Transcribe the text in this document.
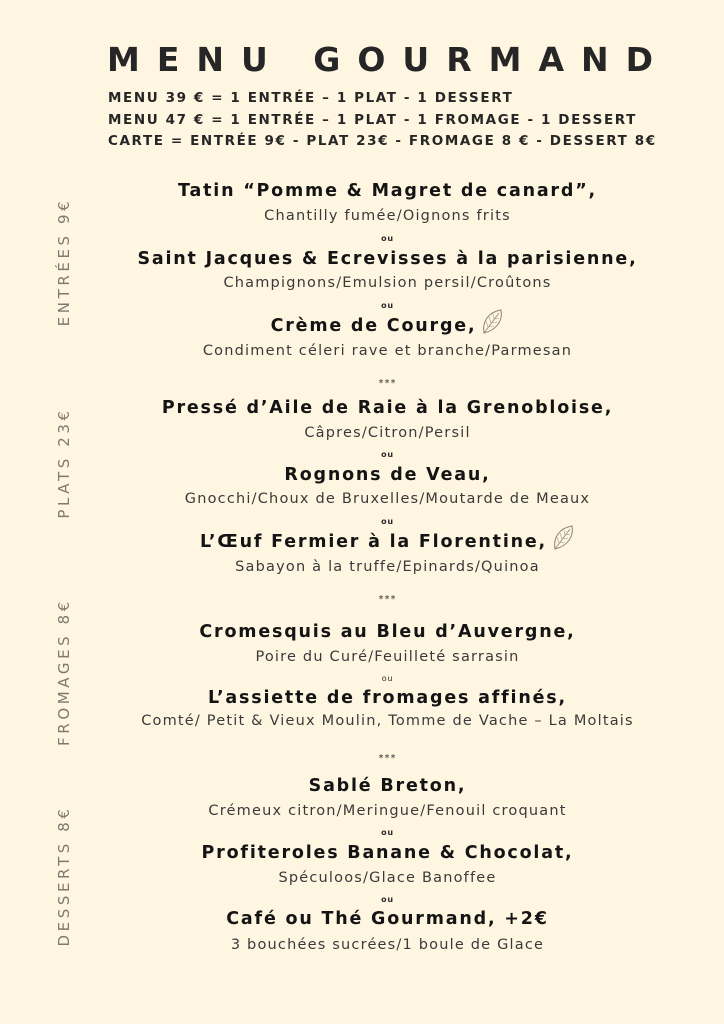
MENU GOURMAND
MENU 39 € = 1 ENTRÉE – 1 PLAT - 1 DESSERT
MENU 47 € = 1 ENTRÉE – 1 PLAT - 1 FROMAGE - 1 DESSERT
CARTE = ENTRÉE 9€ - PLAT 23€ - FROMAGE 8 € - DESSERT 8€
ENTRÉES 9€
PLATS 23€
FROMAGES 8€
DESSERTS 8€
Tatin “Pomme & Magret de canard”,
Chantilly fumée/Oignons frits
ou
Saint Jacques & Ecrevisses à la parisienne,
Champignons/Emulsion persil/Croûtons
ou
Crème de Courge,
Condiment céleri rave et branche/Parmesan
***
Pressé d’Aile de Raie à la Grenobloise,
Câpres/Citron/Persil
ou
Rognons de Veau,
Gnocchi/Choux de Bruxelles/Moutarde de Meaux
ou
L’Œuf Fermier à la Florentine,
Sabayon à la truffe/Epinards/Quinoa
***
Cromesquis au Bleu d’Auvergne,
Poire du Curé/Feuilleté sarrasin
ou
L’assiette de fromages affinés,
Comté/ Petit & Vieux Moulin, Tomme de Vache – La Moltais
***
Sablé Breton,
Crémeux citron/Meringue/Fenouil croquant
ou
Profiteroles Banane & Chocolat,
Spéculoos/Glace Banoffee
ou
Café ou Thé Gourmand, +2€
3 bouchées sucrées/1 boule de Glace
